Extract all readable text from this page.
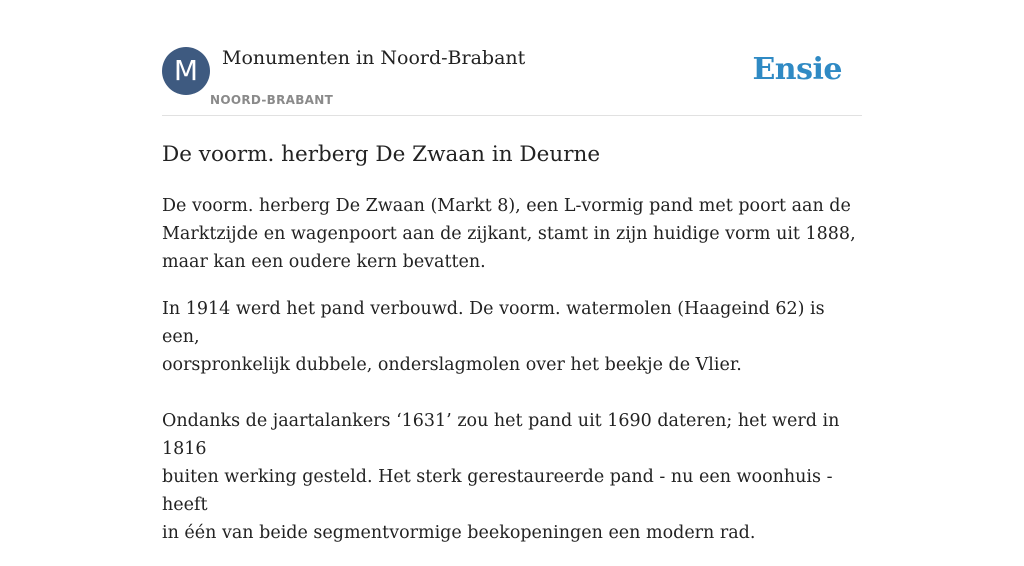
M	Monumenten in Noord-Brabant
NOORD-BRABANT
Ensie
De voorm. herberg De Zwaan in Deurne

De voorm. herberg De Zwaan (Markt 8), een L-vormig pand met poort aan de
Marktzijde en wagenpoort aan de zijkant, stamt in zijn huidige vorm uit 1888,
maar kan een oudere kern bevatten.

In 1914 werd het pand verbouwd. De voorm. watermolen (Haageind 62) is een,
oorspronkelijk dubbele, onderslagmolen over het beekje de Vlier.

Ondanks de jaartalankers ‘1631’ zou het pand uit 1690 dateren; het werd in 1816
buiten werking gesteld. Het sterk gerestaureerde pand - nu een woonhuis - heeft
in één van beide segmentvormige beekopeningen een modern rad.
